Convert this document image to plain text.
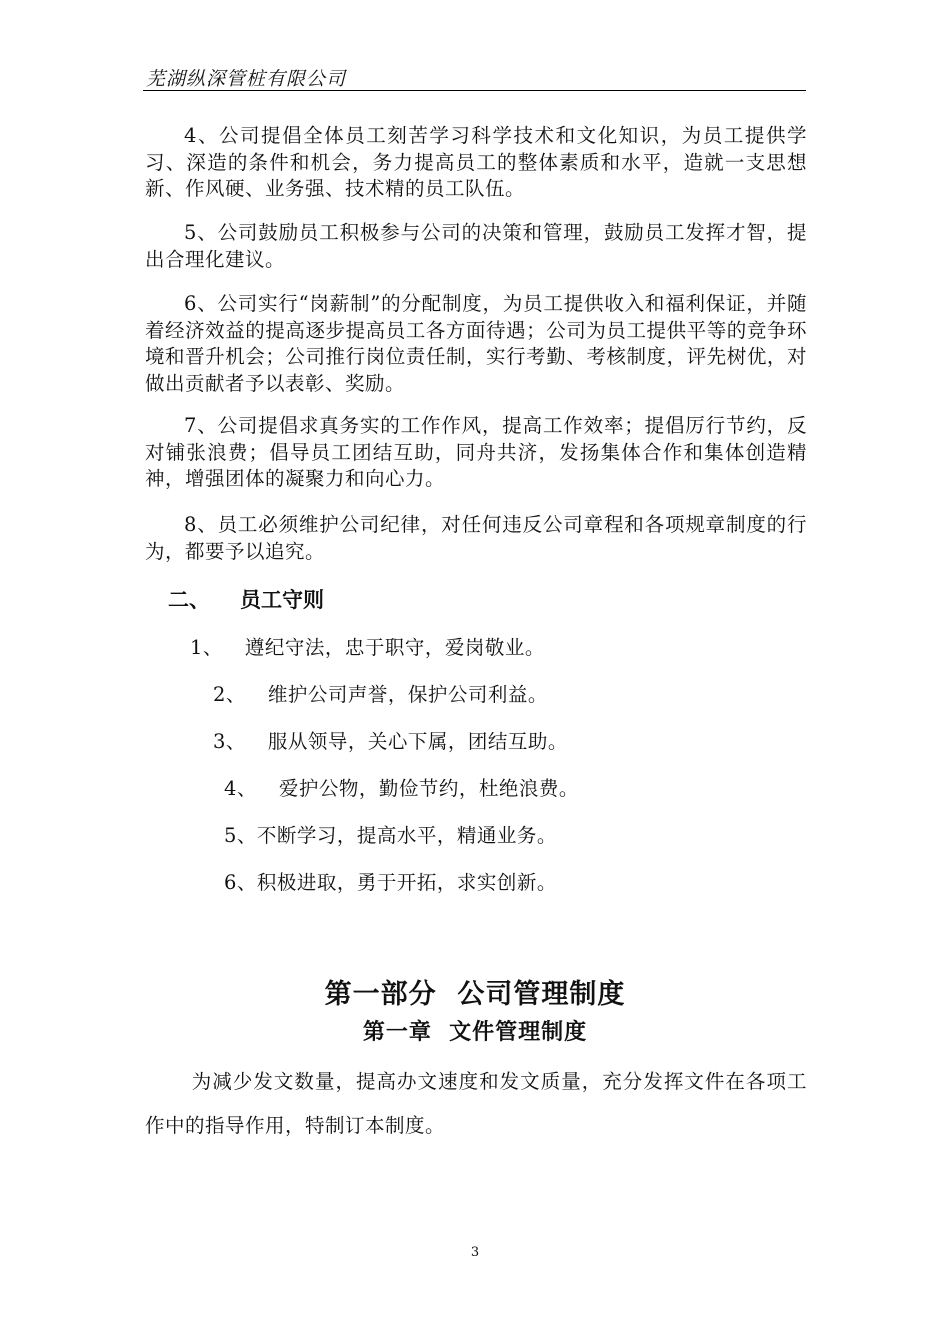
芜湖纵深管桩有限公司

4、公司提倡全体员工刻苦学习科学技术和文化知识，为员工提供学习、深造的条件和机会，务力提高员工的整体素质和水平，造就一支思想新、作风硬、业务强、技术精的员工队伍。

5、公司鼓励员工积极参与公司的决策和管理，鼓励员工发挥才智，提出合理化建议。

6、公司实行“岗薪制”的分配制度，为员工提供收入和福利保证，并随着经济效益的提高逐步提高员工各方面待遇；公司为员工提供平等的竞争环境和晋升机会；公司推行岗位责任制，实行考勤、考核制度，评先树优，对做出贡献者予以表彰、奖励。

7、公司提倡求真务实的工作作风，提高工作效率；提倡厉行节约，反对铺张浪费；倡导员工团结互助，同舟共济，发扬集体合作和集体创造精神，增强团体的凝聚力和向心力。

8、员工必须维护公司纪律，对任何违反公司章程和各项规章制度的行为，都要予以追究。

二、 员工守则
1、 遵纪守法，忠于职守，爱岗敬业。
2、 维护公司声誉，保护公司利益。
3、 服从领导，关心下属，团结互助。
4、 爱护公物，勤俭节约，杜绝浪费。
5、不断学习，提高水平，精通业务。
6、积极进取，勇于开拓，求实创新。
第一部分  公司管理制度
第一章  文件管理制度

为减少发文数量，提高办文速度和发文质量，充分发挥文件在各项工作中的指导作用，特制订本制度。

3
